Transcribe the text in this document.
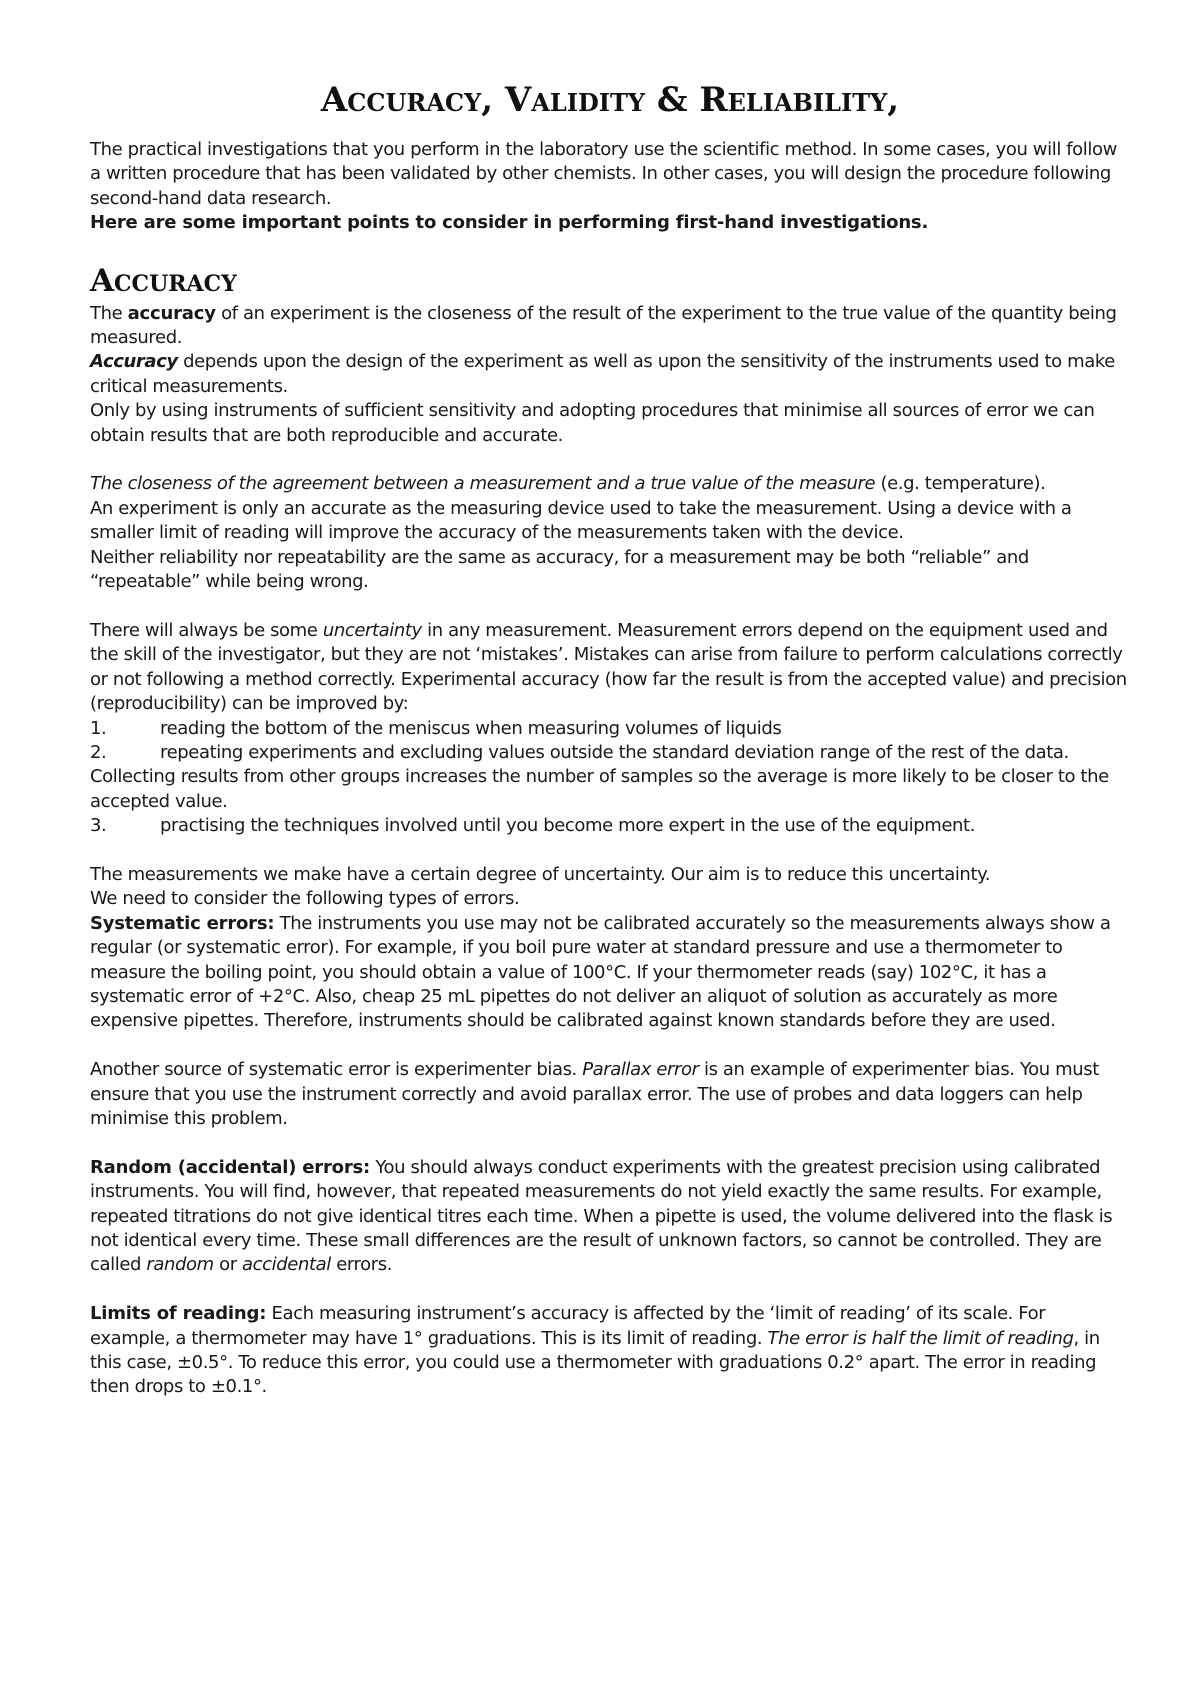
Accuracy, Validity & Reliability,

The practical investigations that you perform in the laboratory use the scientific method. In some cases, you will follow a written procedure that has been validated by other chemists. In other cases, you will design the procedure following second-hand data research.

Here are some important points to consider in performing first-hand investigations.

Accuracy

The accuracy of an experiment is the closeness of the result of the experiment to the true value of the quantity being measured.

Accuracy depends upon the design of the experiment as well as upon the sensitivity of the instruments used to make critical measurements.

Only by using instruments of sufficient sensitivity and adopting procedures that minimise all sources of error we can obtain results that are both reproducible and accurate.

The closeness of the agreement between a measurement and a true value of the measure (e.g. temperature).

An experiment is only an accurate as the measuring device used to take the measurement. Using a device with a smaller limit of reading will improve the accuracy of the measurements taken with the device.

Neither reliability nor repeatability are the same as accuracy, for a measurement may be both “reliable” and “repeatable” while being wrong.

There will always be some uncertainty in any measurement. Measurement errors depend on the equipment used and the skill of the investigator, but they are not ‘mistakes’. Mistakes can arise from failure to perform calculations correctly or not following a method correctly. Experimental accuracy (how far the result is from the accepted value) and precision (reproducibility) can be improved by:

1.	reading the bottom of the meniscus when measuring volumes of liquids
2.	repeating experiments and excluding values outside the standard deviation range of the rest of the data.

Collecting results from other groups increases the number of samples so the average is more likely to be closer to the accepted value.

3.	practising the techniques involved until you become more expert in the use of the equipment.

The measurements we make have a certain degree of uncertainty. Our aim is to reduce this uncertainty.

We need to consider the following types of errors.

Systematic errors: The instruments you use may not be calibrated accurately so the measurements always show a regular (or systematic error). For example, if you boil pure water at standard pressure and use a thermometer to measure the boiling point, you should obtain a value of 100°C. If your thermometer reads (say) 102°C, it has a systematic error of +2°C. Also, cheap 25 mL pipettes do not deliver an aliquot of solution as accurately as more expensive pipettes. Therefore, instruments should be calibrated against known standards before they are used.

Another source of systematic error is experimenter bias. Parallax error is an example of experimenter bias. You must ensure that you use the instrument correctly and avoid parallax error. The use of probes and data loggers can help minimise this problem.

Random (accidental) errors: You should always conduct experiments with the greatest precision using calibrated instruments. You will find, however, that repeated measurements do not yield exactly the same results. For example, repeated titrations do not give identical titres each time. When a pipette is used, the volume delivered into the flask is not identical every time. These small differences are the result of unknown factors, so cannot be controlled. They are called random or accidental errors.

Limits of reading: Each measuring instrument’s accuracy is affected by the ‘limit of reading’ of its scale. For example, a thermometer may have 1° graduations. This is its limit of reading. The error is half the limit of reading, in this case, ±0.5°. To reduce this error, you could use a thermometer with graduations 0.2° apart. The error in reading then drops to ±0.1°.
